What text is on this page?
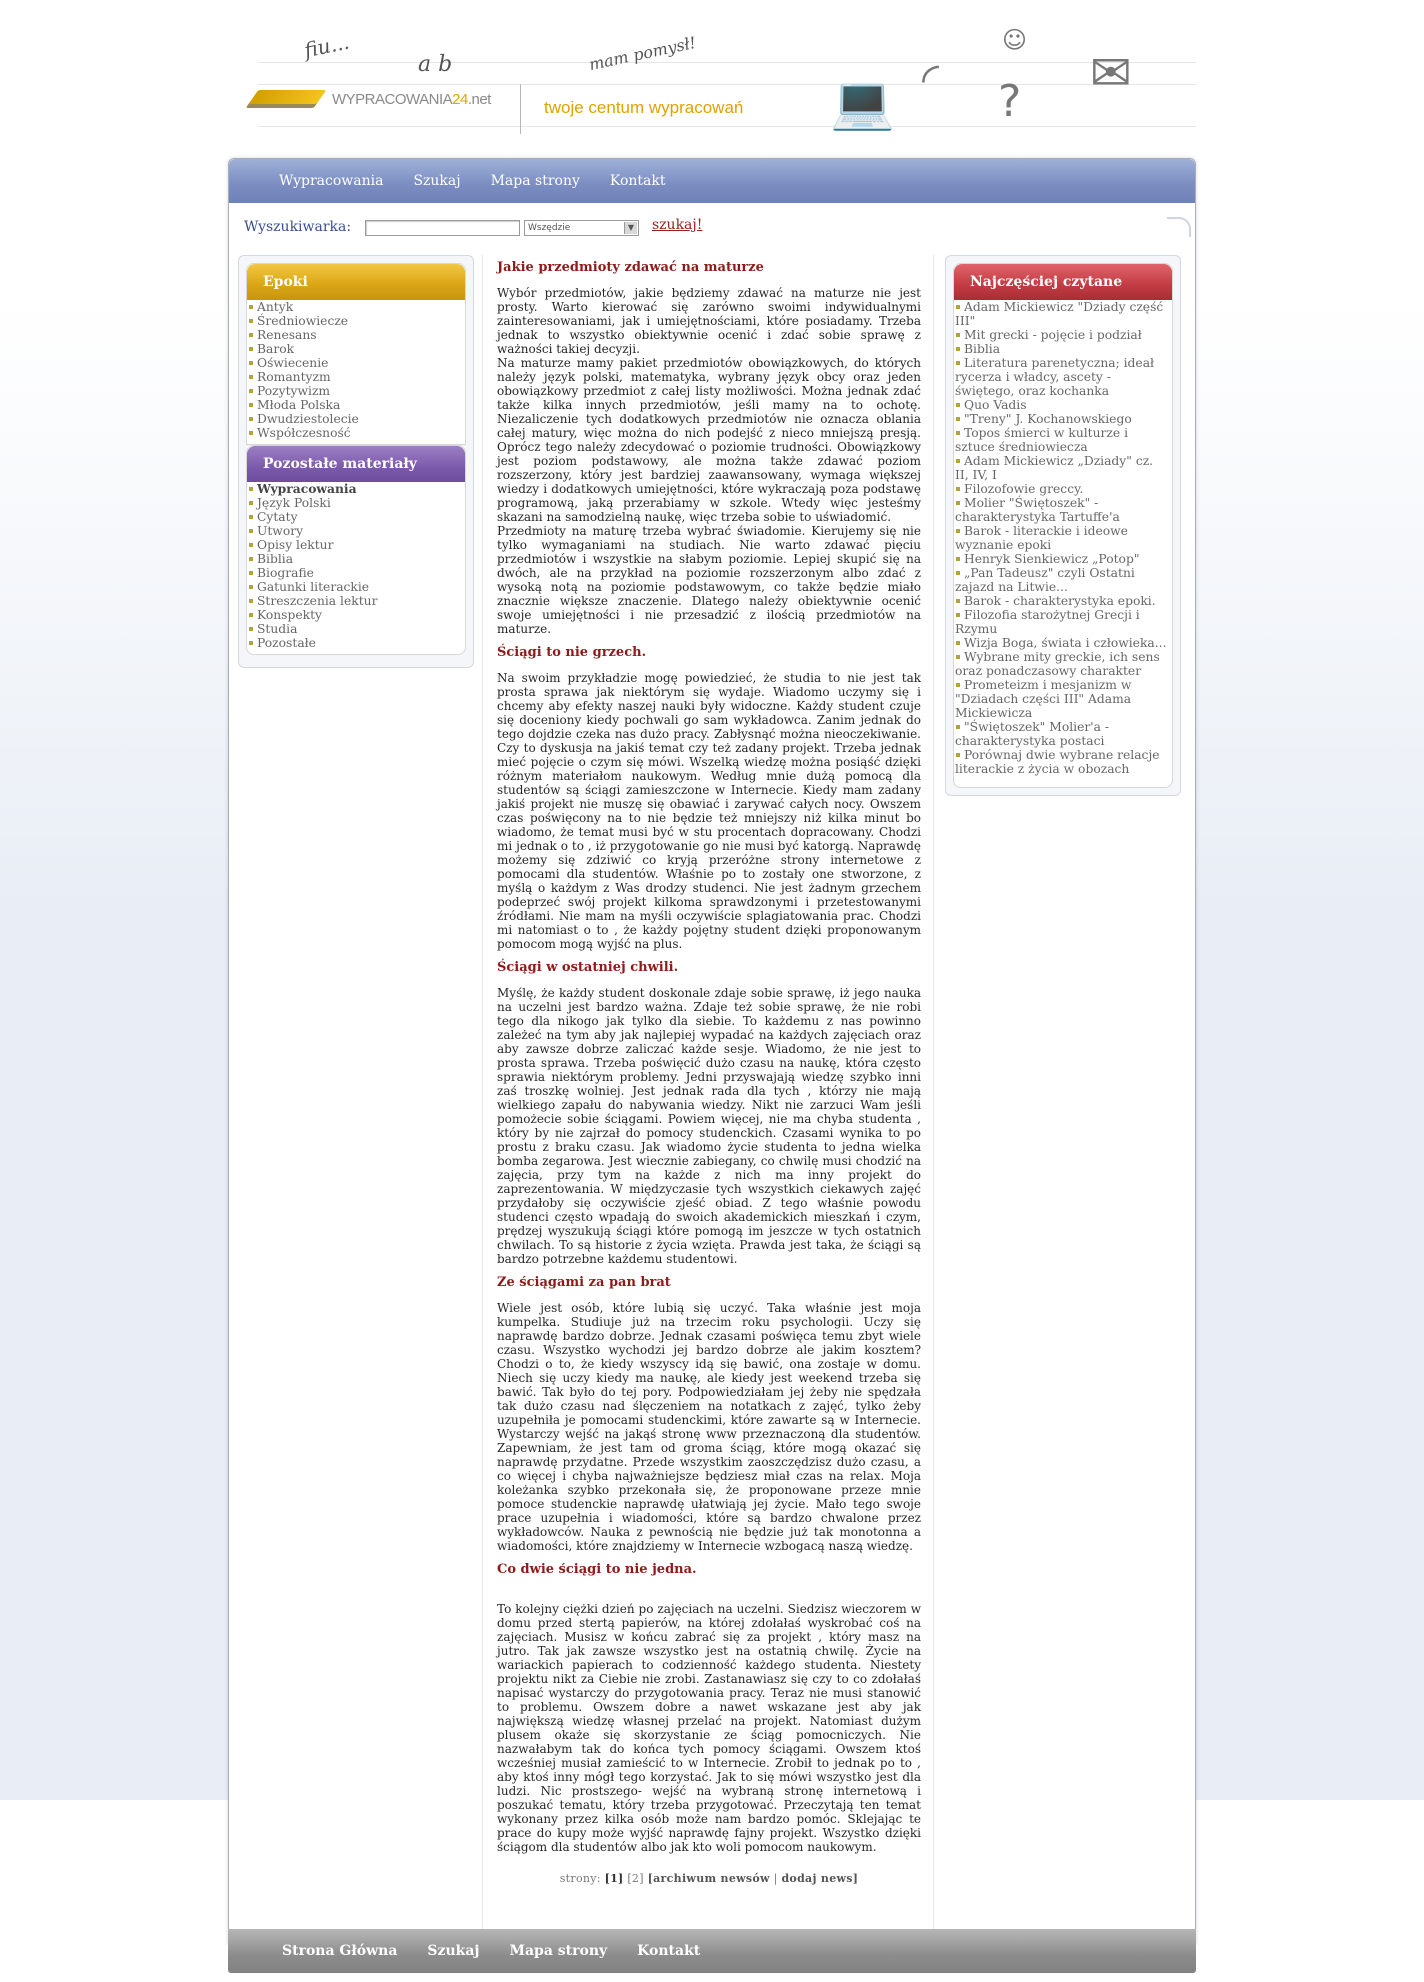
fiu...
a b	mam pomysł!
WYPRACOWANIA24.net	twoje centum wypracowań 💻 ◜
☺
? ✉
Wypracowania Szukaj Mapa strony Kontakt
Wyszukiwarka:	Wszędzie	▼ szukaj!
Epoki
Antyk
Średniowiecze
Renesans
Barok
Oświecenie
Romantyzm
Pozytywizm
Młoda Polska
Dwudziestolecie
Współczesność
Pozostałe materiały
Wypracowania
Język Polski
Cytaty
Utwory
Opisy lektur
Biblia
Biografie
Gatunki literackie
Streszczenia lektur
Konspekty
Studia
Pozostałe
Jakie przedmioty zdawać na maturze

Wybór przedmiotów, jakie będziemy zdawać na maturze nie jest prosty. Warto kierować się zarówno swoimi indywidualnymi zainteresowaniami, jak i umiejętnościami, które posiadamy. Trzeba jednak to wszystko obiektywnie ocenić i zdać sobie sprawę z ważności takiej decyzji.

Na maturze mamy pakiet przedmiotów obowiązkowych, do których należy język polski, matematyka, wybrany język obcy oraz jeden obowiązkowy przedmiot z całej listy możliwości. Można jednak zdać także kilka innych przedmiotów, jeśli mamy na to ochotę. Niezaliczenie tych dodatkowych przedmiotów nie oznacza oblania całej matury, więc można do nich podejść z nieco mniejszą presją. Oprócz tego należy zdecydować o poziomie trudności. Obowiązkowy jest poziom podstawowy, ale można także zdawać poziom rozszerzony, który jest bardziej zaawansowany, wymaga większej wiedzy i dodatkowych umiejętności, które wykraczają poza podstawę programową, jaką przerabiamy w szkole. Wtedy więc jesteśmy skazani na samodzielną naukę, więc trzeba sobie to uświadomić.

Przedmioty na maturę trzeba wybrać świadomie. Kierujemy się nie tylko wymaganiami na studiach. Nie warto zdawać pięciu przedmiotów i wszystkie na słabym poziomie. Lepiej skupić się na dwóch, ale na przykład na poziomie rozszerzonym albo zdać z wysoką notą na poziomie podstawowym, co także będzie miało znacznie większe znaczenie. Dlatego należy obiektywnie ocenić swoje umiejętności i nie przesadzić z ilością przedmiotów na maturze.

Ściągi to nie grzech.

Na swoim przykładzie mogę powiedzieć, że studia to nie jest tak prosta sprawa jak niektórym się wydaje. Wiadomo uczymy się i chcemy aby efekty naszej nauki były widoczne. Każdy student czuje się doceniony kiedy pochwali go sam wykładowca. Zanim jednak do tego dojdzie czeka nas dużo pracy. Zabłysnąć można nieoczekiwanie. Czy to dyskusja na jakiś temat czy też zadany projekt. Trzeba jednak mieć pojęcie o czym się mówi. Wszelką wiedzę można posiąść dzięki różnym materiałom naukowym. Według mnie dużą pomocą dla studentów są ściągi zamieszczone w Internecie. Kiedy mam zadany jakiś projekt nie muszę się obawiać i zarywać całych nocy. Owszem czas poświęcony na to nie będzie też mniejszy niż kilka minut bo wiadomo, że temat musi być w stu procentach dopracowany. Chodzi mi jednak o to , iż przygotowanie go nie musi być katorgą. Naprawdę możemy się zdziwić co kryją przeróżne strony internetowe z pomocami dla studentów. Właśnie po to zostały one stworzone, z myślą o każdym z Was drodzy studenci. Nie jest żadnym grzechem podeprzeć swój projekt kilkoma sprawdzonymi i przetestowanymi źródłami. Nie mam na myśli oczywiście splagiatowania prac. Chodzi mi natomiast o to , że każdy pojętny student dzięki proponowanym pomocom mogą wyjść na plus.

Ściągi w ostatniej chwili.

Myślę, że każdy student doskonale zdaje sobie sprawę, iż jego nauka na uczelni jest bardzo ważna. Zdaje też sobie sprawę, że nie robi tego dla nikogo jak tylko dla siebie. To każdemu z nas powinno zależeć na tym aby jak najlepiej wypadać na każdych zajęciach oraz aby zawsze dobrze zaliczać każde sesje. Wiadomo, że nie jest to prosta sprawa. Trzeba poświęcić dużo czasu na naukę, która często sprawia niektórym problemy. Jedni przyswajają wiedzę szybko inni zaś troszkę wolniej. Jest jednak rada dla tych , którzy nie mają wielkiego zapału do nabywania wiedzy. Nikt nie zarzuci Wam jeśli pomożecie sobie ściągami. Powiem więcej, nie ma chyba studenta , który by nie zajrzał do pomocy studenckich. Czasami wynika to po prostu z braku czasu. Jak wiadomo życie studenta to jedna wielka bomba zegarowa. Jest wiecznie zabiegany, co chwilę musi chodzić na zajęcia, przy tym na każde z nich ma inny projekt do zaprezentowania. W międzyczasie tych wszystkich ciekawych zajęć przydałoby się oczywiście zjeść obiad. Z tego właśnie powodu studenci często wpadają do swoich akademickich mieszkań i czym, prędzej wyszukują ściągi które pomogą im jeszcze w tych ostatnich chwilach. To są historie z życia wzięta. Prawda jest taka, że ściągi są bardzo potrzebne każdemu studentowi.

Ze ściągami za pan brat

Wiele jest osób, które lubią się uczyć. Taka właśnie jest moja kumpelka. Studiuje już na trzecim roku psychologii. Uczy się naprawdę bardzo dobrze. Jednak czasami poświęca temu zbyt wiele czasu. Wszystko wychodzi jej bardzo dobrze ale jakim kosztem? Chodzi o to, że kiedy wszyscy idą się bawić, ona zostaje w domu. Niech się uczy kiedy ma naukę, ale kiedy jest weekend trzeba się bawić. Tak było do tej pory. Podpowiedziałam jej żeby nie spędzała tak dużo czasu nad ślęczeniem na notatkach z zajęć, tylko żeby uzupełniła je pomocami studenckimi, które zawarte są w Internecie. Wystarczy wejść na jakąś stronę www przeznaczoną dla studentów. Zapewniam, że jest tam od groma ściąg, które mogą okazać się naprawdę przydatne. Przede wszystkim zaoszczędzisz dużo czasu, a co więcej i chyba najważniejsze będziesz miał czas na relax. Moja koleżanka szybko przekonała się, że proponowane przeze mnie pomoce studenckie naprawdę ułatwiają jej życie. Mało tego swoje prace uzupełnia i wiadomości, które są bardzo chwalone przez wykładowców. Nauka z pewnością nie będzie już tak monotonna a wiadomości, które znajdziemy w Internecie wzbogacą naszą wiedzę.

Co dwie ściągi to nie jedna.

To kolejny ciężki dzień po zajęciach na uczelni. Siedzisz wieczorem w domu przed stertą papierów, na której zdołałaś wyskrobać coś na zajęciach. Musisz w końcu zabrać się za projekt , który masz na jutro. Tak jak zawsze wszystko jest na ostatnią chwilę. Życie na wariackich papierach to codzienność każdego studenta. Niestety projektu nikt za Ciebie nie zrobi. Zastanawiasz się czy to co zdołałaś napisać wystarczy do przygotowania pracy. Teraz nie musi stanowić to problemu. Owszem dobre a nawet wskazane jest aby jak największą wiedzę własnej przelać na projekt. Natomiast dużym plusem okaże się skorzystanie ze ściąg pomocniczych. Nie nazwałabym tak do końca tych pomocy ściągami. Owszem ktoś wcześniej musiał zamieścić to w Internecie. Zrobił to jednak po to , aby ktoś inny mógł tego korzystać. Jak to się mówi wszystko jest dla ludzi. Nic prostszego- wejść na wybraną stronę internetową i poszukać tematu, który trzeba przygotować. Przeczytają ten temat wykonany przez kilka osób może nam bardzo pomóc. Sklejając te prace do kupy może wyjść naprawdę fajny projekt. Wszystko dzięki ściągom dla studentów albo jak kto woli pomocom naukowym.

strony: [1] [2] [archiwum newsów | dodaj news]
Najczęściej czytane
Adam Mickiewicz "Dziady część III"
Mit grecki - pojęcie i podział
Biblia
Literatura parenetyczna; ideał rycerza i władcy, ascety - świętego, oraz kochanka
Quo Vadis
"Treny" J. Kochanowskiego
Topos śmierci w kulturze i sztuce średniowiecza
Adam Mickiewicz „Dziady" cz. II, IV, I
Filozofowie greccy.
Molier "Świętoszek" - charakterystyka Tartuffe'a
Barok - literackie i ideowe wyznanie epoki
Henryk Sienkiewicz „Potop"
„Pan Tadeusz" czyli Ostatni zajazd na Litwie...
Barok - charakterystyka epoki.
Filozofia starożytnej Grecji i Rzymu
Wizja Boga, świata i człowieka...
Wybrane mity greckie, ich sens oraz ponadczasowy charakter
Prometeizm i mesjanizm w "Dziadach części III" Adama Mickiewicza
"Świętoszek" Molier'a - charakterystyka postaci
Porównaj dwie wybrane relacje literackie z życia w obozach
Strona Główna Szukaj Mapa strony Kontakt
